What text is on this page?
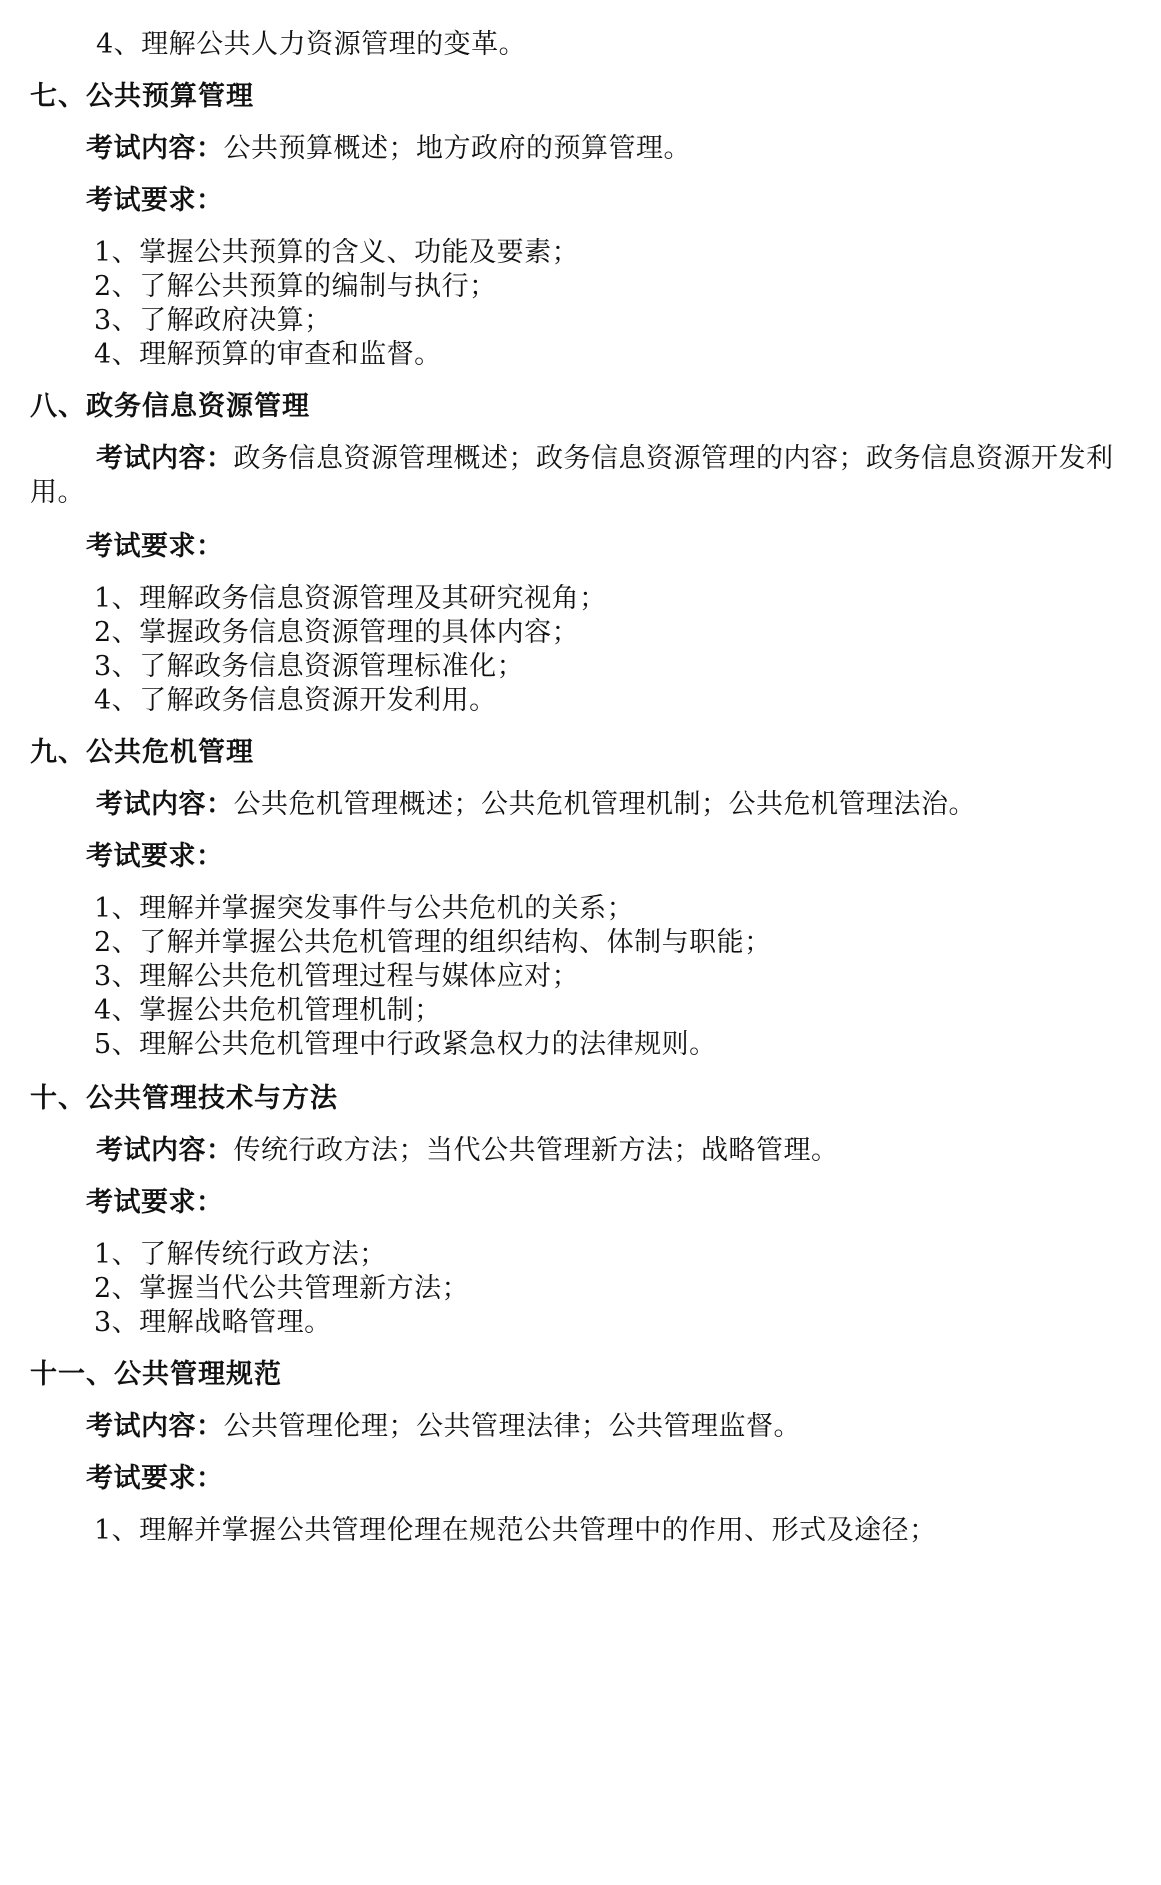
4、理解公共人力资源管理的变革。
七、公共预算管理
考试内容：公共预算概述；地方政府的预算管理。
考试要求：
1、掌握公共预算的含义、功能及要素；
2、了解公共预算的编制与执行；
3、了解政府决算；
4、理解预算的审查和监督。
八、政务信息资源管理
考试内容：政务信息资源管理概述；政务信息资源管理的内容；政务信息资源开发利
用。
考试要求：
1、理解政务信息资源管理及其研究视角；
2、掌握政务信息资源管理的具体内容；
3、了解政务信息资源管理标准化；
4、了解政务信息资源开发利用。
九、公共危机管理
考试内容：公共危机管理概述；公共危机管理机制；公共危机管理法治。
考试要求：
1、理解并掌握突发事件与公共危机的关系；
2、了解并掌握公共危机管理的组织结构、体制与职能；
3、理解公共危机管理过程与媒体应对；
4、掌握公共危机管理机制；
5、理解公共危机管理中行政紧急权力的法律规则。
十、公共管理技术与方法
考试内容：传统行政方法；当代公共管理新方法；战略管理。
考试要求：
1、了解传统行政方法；
2、掌握当代公共管理新方法；
3、理解战略管理。
十一、公共管理规范
考试内容：公共管理伦理；公共管理法律；公共管理监督。
考试要求：
1、理解并掌握公共管理伦理在规范公共管理中的作用、形式及途径；
